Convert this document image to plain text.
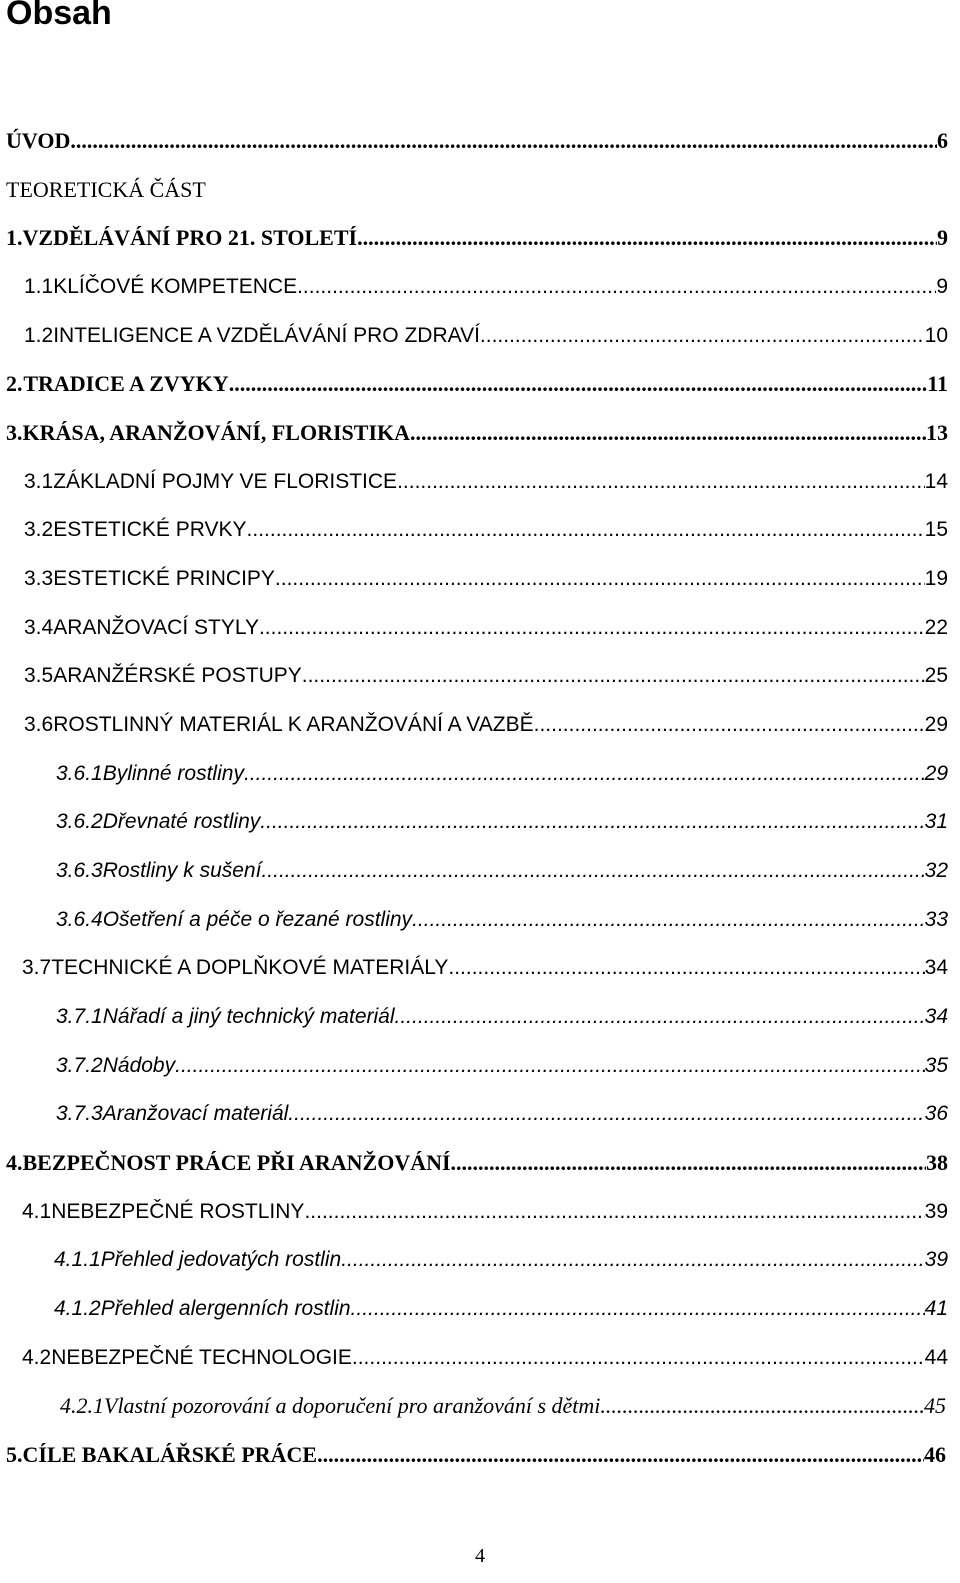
Obsah
ÚVOD .....	6
TEORETICKÁ ČÁST
1. VZDĚLÁVÁNÍ PRO 21. STOLETÍ .....	9
1.1 KLÍČOVÉ KOMPETENCE .....	9
1.2 INTELIGENCE A VZDĚLÁVÁNÍ PRO ZDRAVÍ .....	10
2. TRADICE A ZVYKY .....	11
3. KRÁSA, ARANŽOVÁNÍ, FLORISTIKA .....	13
3.1 ZÁKLADNÍ POJMY VE FLORISTICE .....	14
3.2 ESTETICKÉ PRVKY .....	15
3.3 ESTETICKÉ PRINCIPY .....	19
3.4 ARANŽOVACÍ STYLY .....	22
3.5 ARANŽÉRSKÉ POSTUPY .....	25
3.6 ROSTLINNÝ MATERIÁL K ARANŽOVÁNÍ A VAZBĚ .....	29
3.6.1 Bylinné rostliny .....	29
3.6.2 Dřevnaté rostliny .....	31
3.6.3 Rostliny k sušení .....	32
3.6.4 Ošetření a péče o řezané rostliny .....	33
3.7 TECHNICKÉ A DOPLŇKOVÉ MATERIÁLY .....	34
3.7.1 Nářadí a jiný technický materiál .....	34
3.7.2 Nádoby .....	35
3.7.3 Aranžovací materiál .....	36
4. BEZPEČNOST PRÁCE PŘI ARANŽOVÁNÍ .....	38
4.1 NEBEZPEČNÉ ROSTLINY .....	39
4.1.1 Přehled jedovatých rostlin .....	39
4.1.2 Přehled alergenních rostlin .....	41
4.2 NEBEZPEČNÉ TECHNOLOGIE .....	44
4.2.1 Vlastní pozorování a doporučení pro aranžování s dětmi .....	45
5. CÍLE BAKALÁŘSKÉ PRÁCE .....	46
4
